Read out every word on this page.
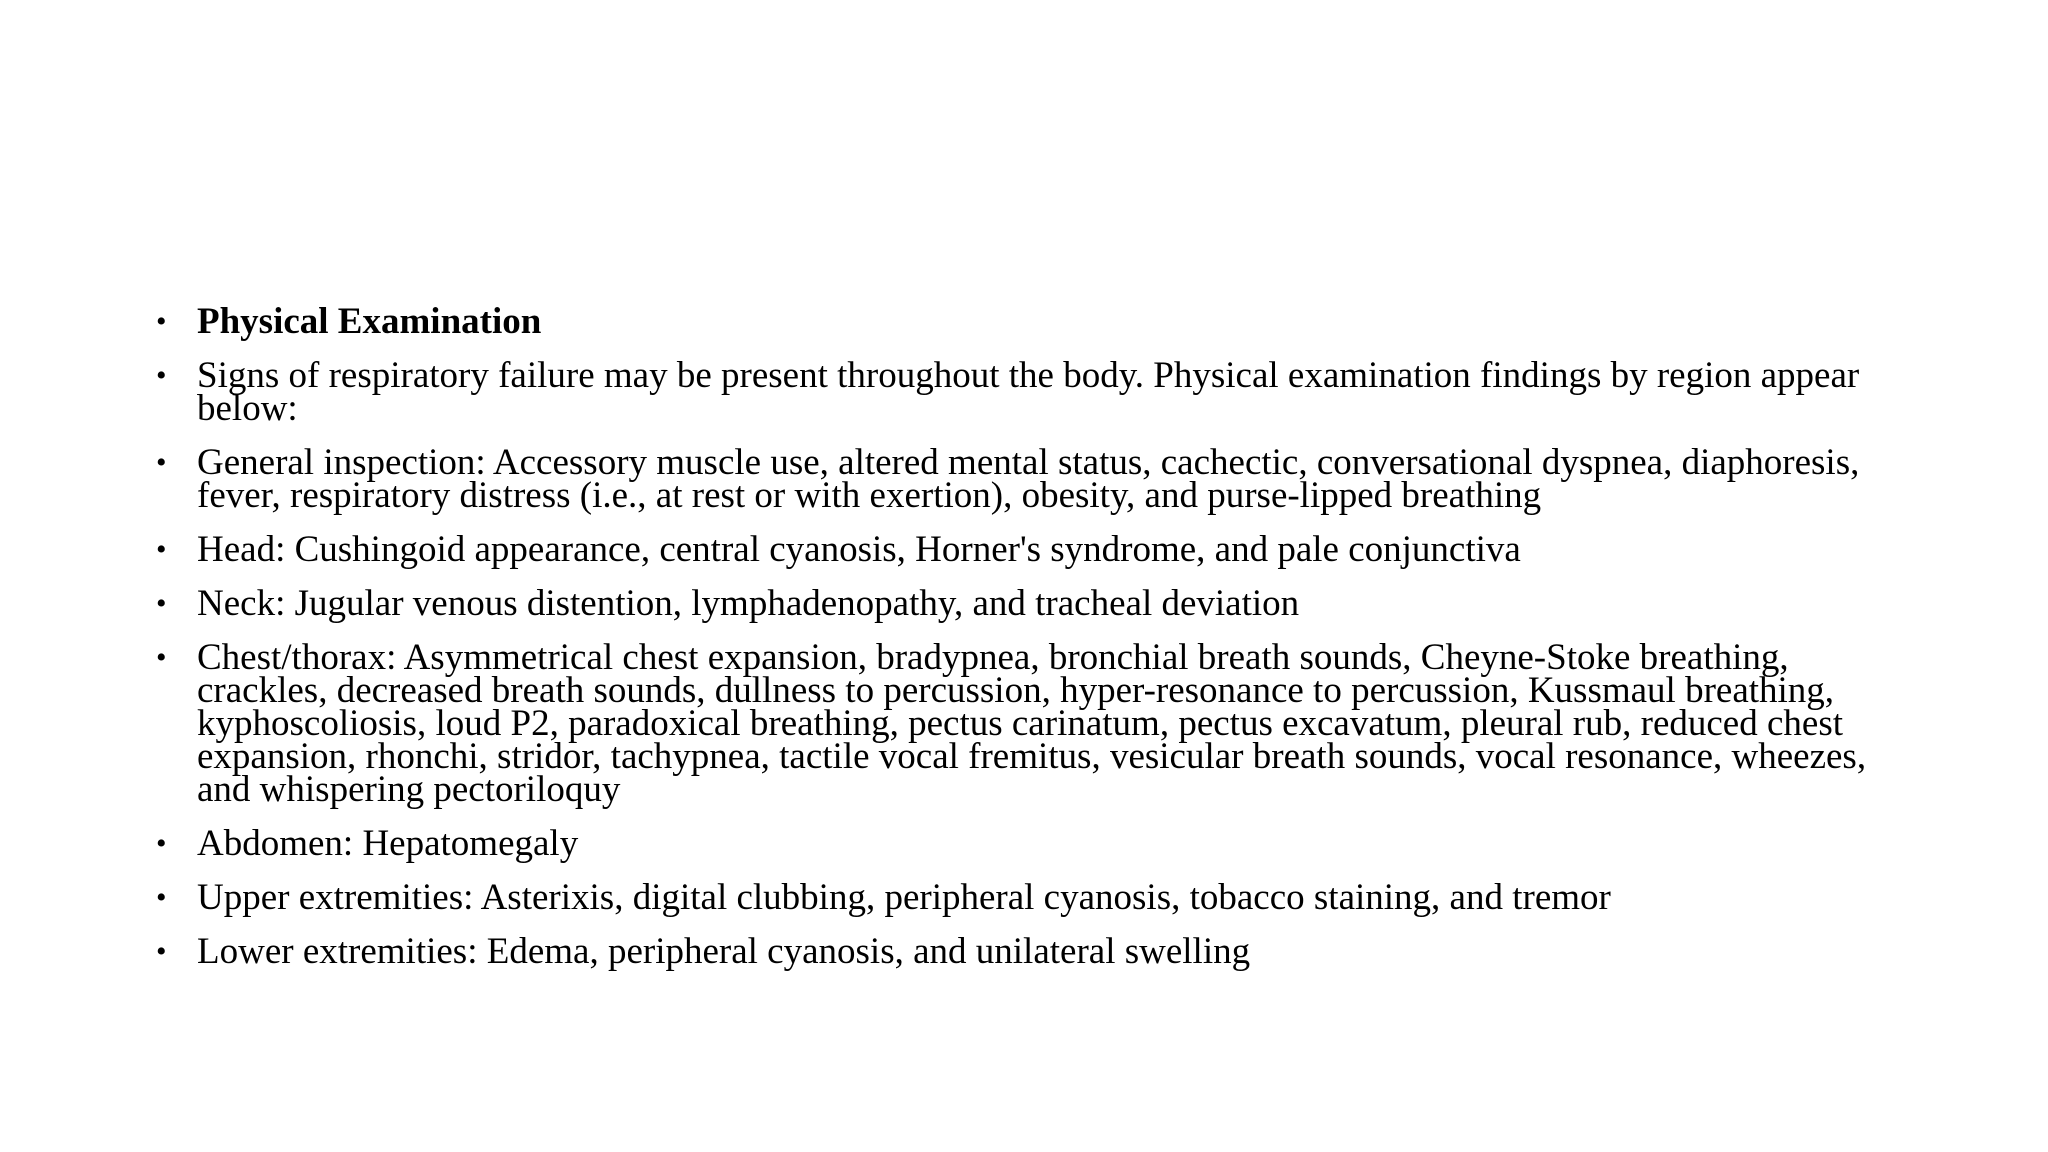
• Physical Examination
• Signs of respiratory failure may be present throughout the body. Physical examination findings by region appear below:
• General inspection: Accessory muscle use, altered mental status, cachectic, conversational dyspnea, diaphoresis, fever, respiratory distress (i.e., at rest or with exertion), obesity, and purse-lipped breathing
• Head: Cushingoid appearance, central cyanosis, Horner's syndrome, and pale conjunctiva
• Neck: Jugular venous distention, lymphadenopathy, and tracheal deviation
• Chest/thorax: Asymmetrical chest expansion, bradypnea, bronchial breath sounds, Cheyne-Stoke breathing, crackles, decreased breath sounds, dullness to percussion, hyper-resonance to percussion, Kussmaul breathing, kyphoscoliosis, loud P2, paradoxical breathing, pectus carinatum, pectus excavatum, pleural rub, reduced chest expansion, rhonchi, stridor, tachypnea, tactile vocal fremitus, vesicular breath sounds, vocal resonance, wheezes, and whispering pectoriloquy
• Abdomen: Hepatomegaly
• Upper extremities: Asterixis, digital clubbing, peripheral cyanosis, tobacco staining, and tremor
• Lower extremities: Edema, peripheral cyanosis, and unilateral swelling
